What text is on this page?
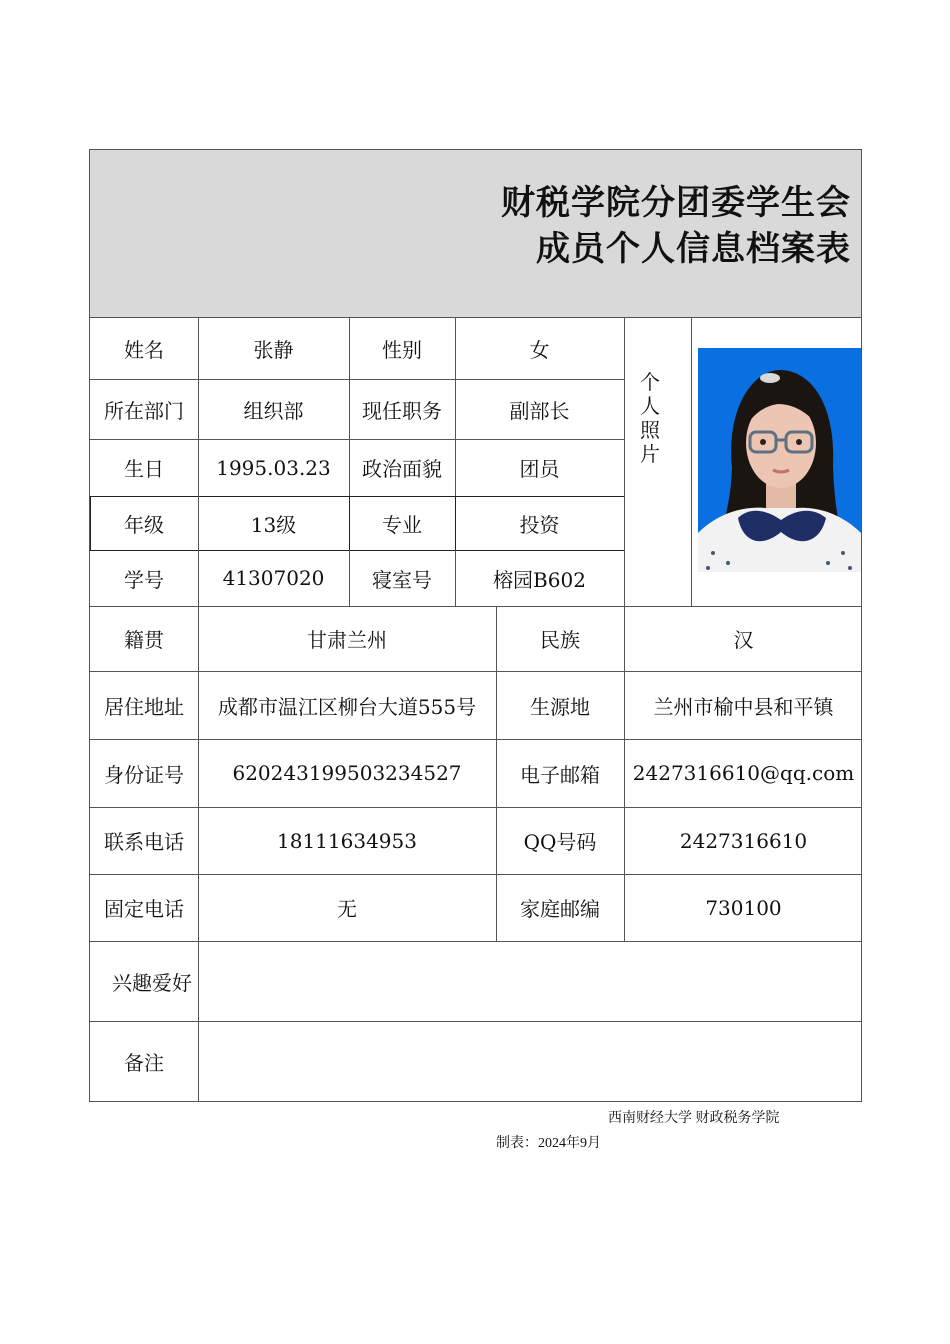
财税学院分团委学生会
成员个人信息档案表
姓名	张静	性别	女
所在部门	组织部	现任职务	副部长
生日	1995.03.23	政治面貌	团员
年级	13级	专业	投资
学号	41307020	寝室号	榕园B602
籍贯	甘肃兰州	民族	汉
居住地址	成都市温江区柳台大道555号	生源地	兰州市榆中县和平镇
身份证号	620243199503234527	电子邮箱	2427316610@qq.com
联系电话	18111634953	QQ号码	2427316610
固定电话	无	家庭邮编	730100
兴趣爱好
备注
个
人
照
片
西南财经大学 财政税务学院
制表：2024年9月
